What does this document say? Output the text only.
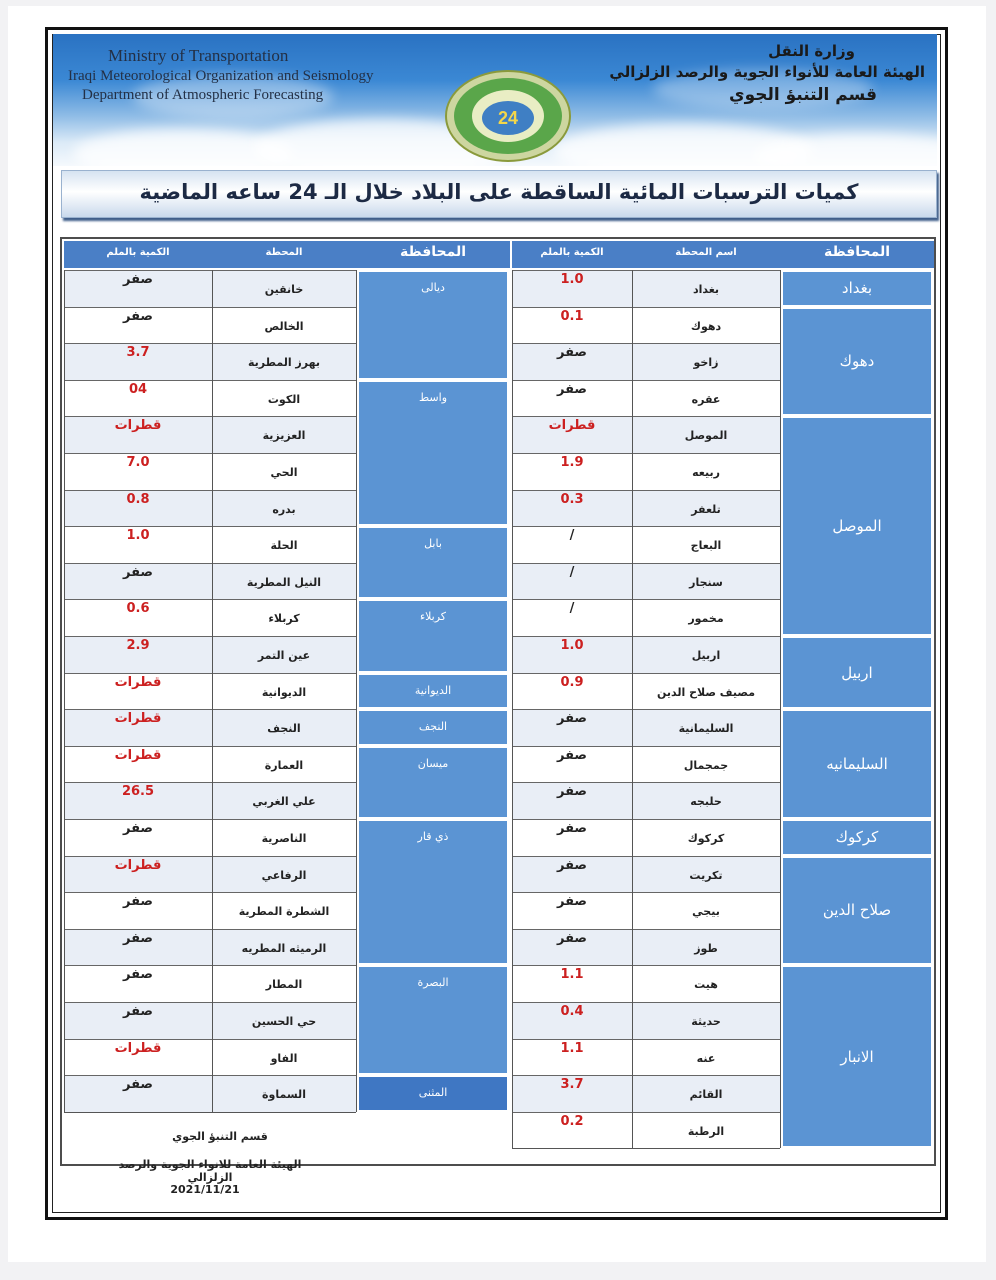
Ministry of Transportation
Iraqi Meteorological Organization and Seismology
Department of Atmospheric Forecasting
24
وزارة النقل
الهيئة العامة للأنواء الجوية والرصد الزلزالي
قسم التنبؤ الجوي
كميات الترسبات المائية الساقطة على البلاد خلال الـ 24 ساعه الماضية
المحافظة
اسم المحطة
الكمية بالملم
المحافظة
المحطة
الكمية بالملم
بغداد
1.0
دهوك
0.1
زاخو
صفر
عقره
صفر
الموصل
قطرات
ربيعه
1.9
تلعفر
0.3
البعاج
/
سنجار
/
مخمور
/
اربيل
1.0
مصيف صلاح الدين
0.9
السليمانية
صفر
جمجمال
صفر
حلبجه
صفر
كركوك
صفر
تكريت
صفر
بيجي
صفر
طوز
صفر
هيت
1.1
حديثة
0.4
عنه
1.1
القائم
3.7
الرطبة
0.2
خانقين
صفر
الخالص
صفر
بهرز المطرية
3.7
الكوت
04
العزيزية
قطرات
الحي
7.0
بدره
0.8
الحلة
1.0
النيل المطرية
صفر
كربلاء
0.6
عين التمر
2.9
الديوانية
قطرات
النجف
قطرات
العمارة
قطرات
علي الغربي
26.5
الناصرية
صفر
الرفاعي
قطرات
الشطرة المطرية
صفر
الرميثه المطريه
صفر
المطار
صفر
حي الحسين
صفر
الفاو
قطرات
السماوة
صفر
بغداد
دهوك
الموصل
اربيل
السليمانيه
كركوك
صلاح الدين
الانبار
ديالى
واسط
بابل
كربلاء
الديوانية
النجف
ميسان
ذي قار
البصرة
المثنى
قسم التنبؤ الجوي
الهيئة العامة للانواء الجوية والرصد الزلزالي
2021/11/21
